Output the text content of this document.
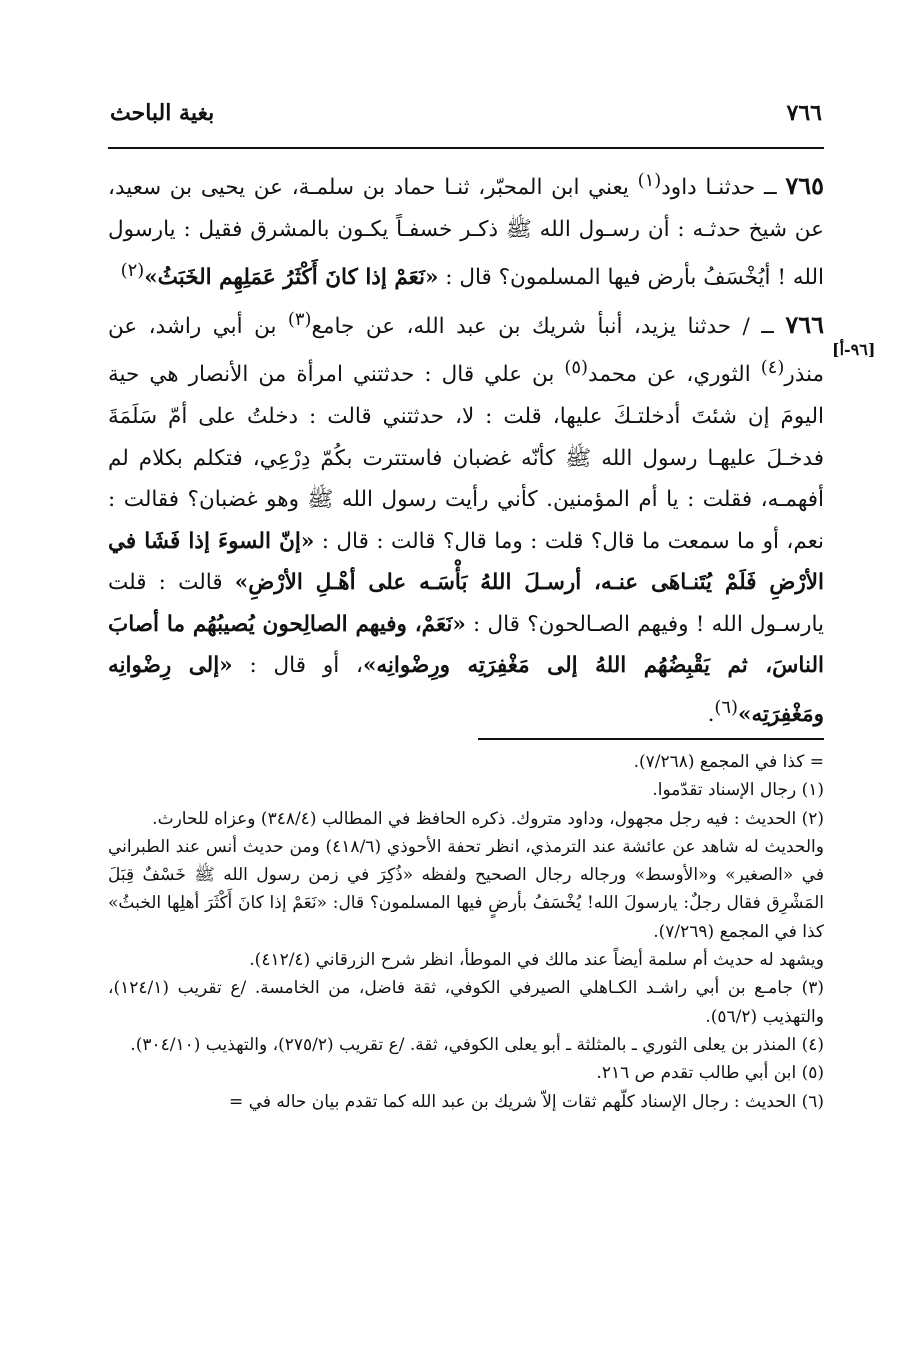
٧٦٦
بغية الباحث
[٩٦-أ]

٧٦٥ ــ حدثنـا داود$^{(١)}$ يعني ابن المحبّر، ثنـا حماد بن سلمـة، عن يحيى بن سعيد، عن شيخ حدثـه : أن رسـول الله ﷺ ذكـر خسفـاً يكـون بالمشرق فقيل : يارسول الله ! أيُخْسَفُ بأرض فيها المسلمون؟ قال : «نَعَمْ إذا كانَ أَكْثَرُ عَمَلِهِم الخَبَثُ»$^{(٢)}$

٧٦٦ ــ / حدثنا يزيد، أنبأ شريك بن عبد الله، عن جامع$^{(٣)}$ بن أبي راشد، عن منذر$^{(٤)}$ الثوري، عن محمد$^{(٥)}$ بن علي قال : حدثتني امرأة من الأنصار هي حية اليومَ إن شئتَ أدخلتـكَ عليها، قلت : لا، حدثتني قالت : دخلتُ على أمّ سَلَمَةَ فدخـلَ عليهـا رسول الله ﷺ كأنّه غضبان فاستترت بكُمّ دِرْعِي، فتكلم بكلام لم أفهمـه، فقلت : يا أم المؤمنين. كأني رأيت رسول الله ﷺ وهو غضبان؟ فقالت : نعم، أو ما سمعت ما قال؟ قلت : وما قال؟ قالت : قال : «إنّ السوءَ إذا فَشَا في الأرْضِ فَلَمْ يُتَنـاهَى عنـه، أرسـلَ اللهُ بَأْسَـه على أهْـلِ الأرْضِ» قالت : قلت يارسـول الله ! وفيهم الصـالحون؟ قال : «نَعَمْ، وفيهم الصالِحون يُصيبُهُم ما أصابَ الناسَ، ثم يَقْبِضُهُم اللهُ إلى مَغْفِرَتِه ورِضْوانِه»، أو قال : «إلى رِضْوانِه ومَغْفِرَتِه»$^{(٦)}$.

= كذا في المجمع (٧/٢٦٨).

(١) رجال الإسناد تقدّموا.

(٢) الحديث : فيه رجل مجهول، وداود متروك. ذكره الحافظ في المطالب (٣٤٨/٤) وعزاه للحارث.

والحديث له شاهد عن عائشة عند الترمذي، انظر تحفة الأحوذي (٤١٨/٦) ومن حديث أنس عند الطبراني في «الصغير» و«الأوسط» ورجاله رجال الصحيح ولفظه «ذُكِرَ في زمن رسول الله ﷺ خَسْفٌ قِبَلَ المَشْرِق فقال رجلٌ: يارسولَ الله! يُخْسَفُ بأرضٍ فيها المسلمون؟ قال: «نَعَمْ إذا كانَ أَكْثَرَ أهلِها الخبثُ» كذا في المجمع (٧/٢٦٩).

ويشهد له حديث أم سلمة أيضاً عند مالك في الموطأ، انظر شرح الزرقاني (٤١٢/٤).

(٣) جامـع بن أبي راشـد الكـاهلي الصيرفي الكوفي، ثقة فاضل، من الخامسة. /ع تقريب (١٢٤/١)، والتهذيب (٥٦/٢).

(٤) المنذر بن يعلى الثوري ـ بالمثلثة ـ أبو يعلى الكوفي، ثقة. /ع تقريب (٢٧٥/٢)، والتهذيب (٣٠٤/١٠).

(٥) ابن أبي طالب تقدم ص ٢١٦.

(٦) الحديث : رجال الإسناد كلّهم ثقات إلاّ شريك بن عبد الله كما تقدم بيان حاله في =
